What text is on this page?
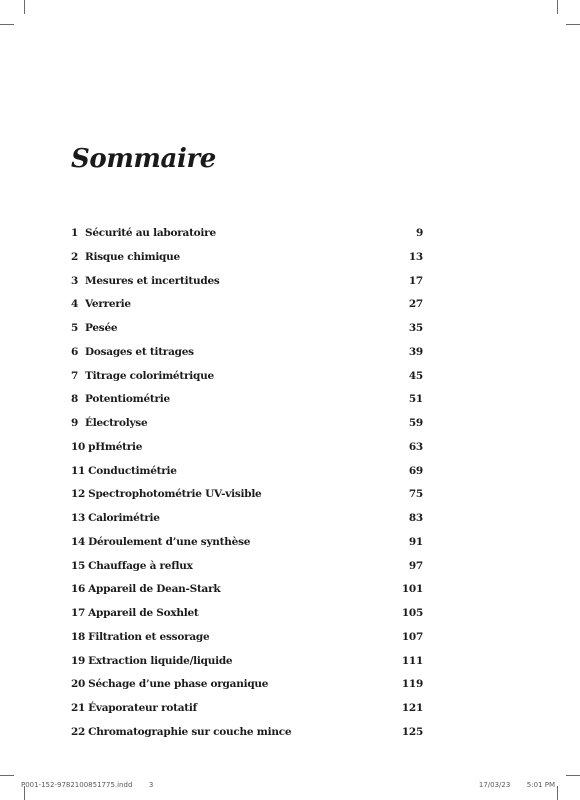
Sommaire
1 Sécurité au laboratoire	9
2 Risque chimique	13
3 Mesures et incertitudes	17
4 Verrerie	27
5 Pesée	35
6 Dosages et titrages	39
7 Titrage colorimétrique	45
8 Potentiométrie	51
9 Électrolyse	59
10 pHmétrie	63
11 Conductimétrie	69
12 Spectrophotométrie UV-visible	75
13 Calorimétrie	83
14 Déroulement d’une synthèse	91
15 Chauffage à reflux	97
16 Appareil de Dean-Stark	101
17 Appareil de Soxhlet	105
18 Filtration et essorage	107
19 Extraction liquide/liquide	111
20 Séchage d’une phase organique	119
21 Évaporateur rotatif	121
22 Chromatographie sur couche mince	125
P001-152-9782100851775.indd 3	17/03/23 5:01 PM
